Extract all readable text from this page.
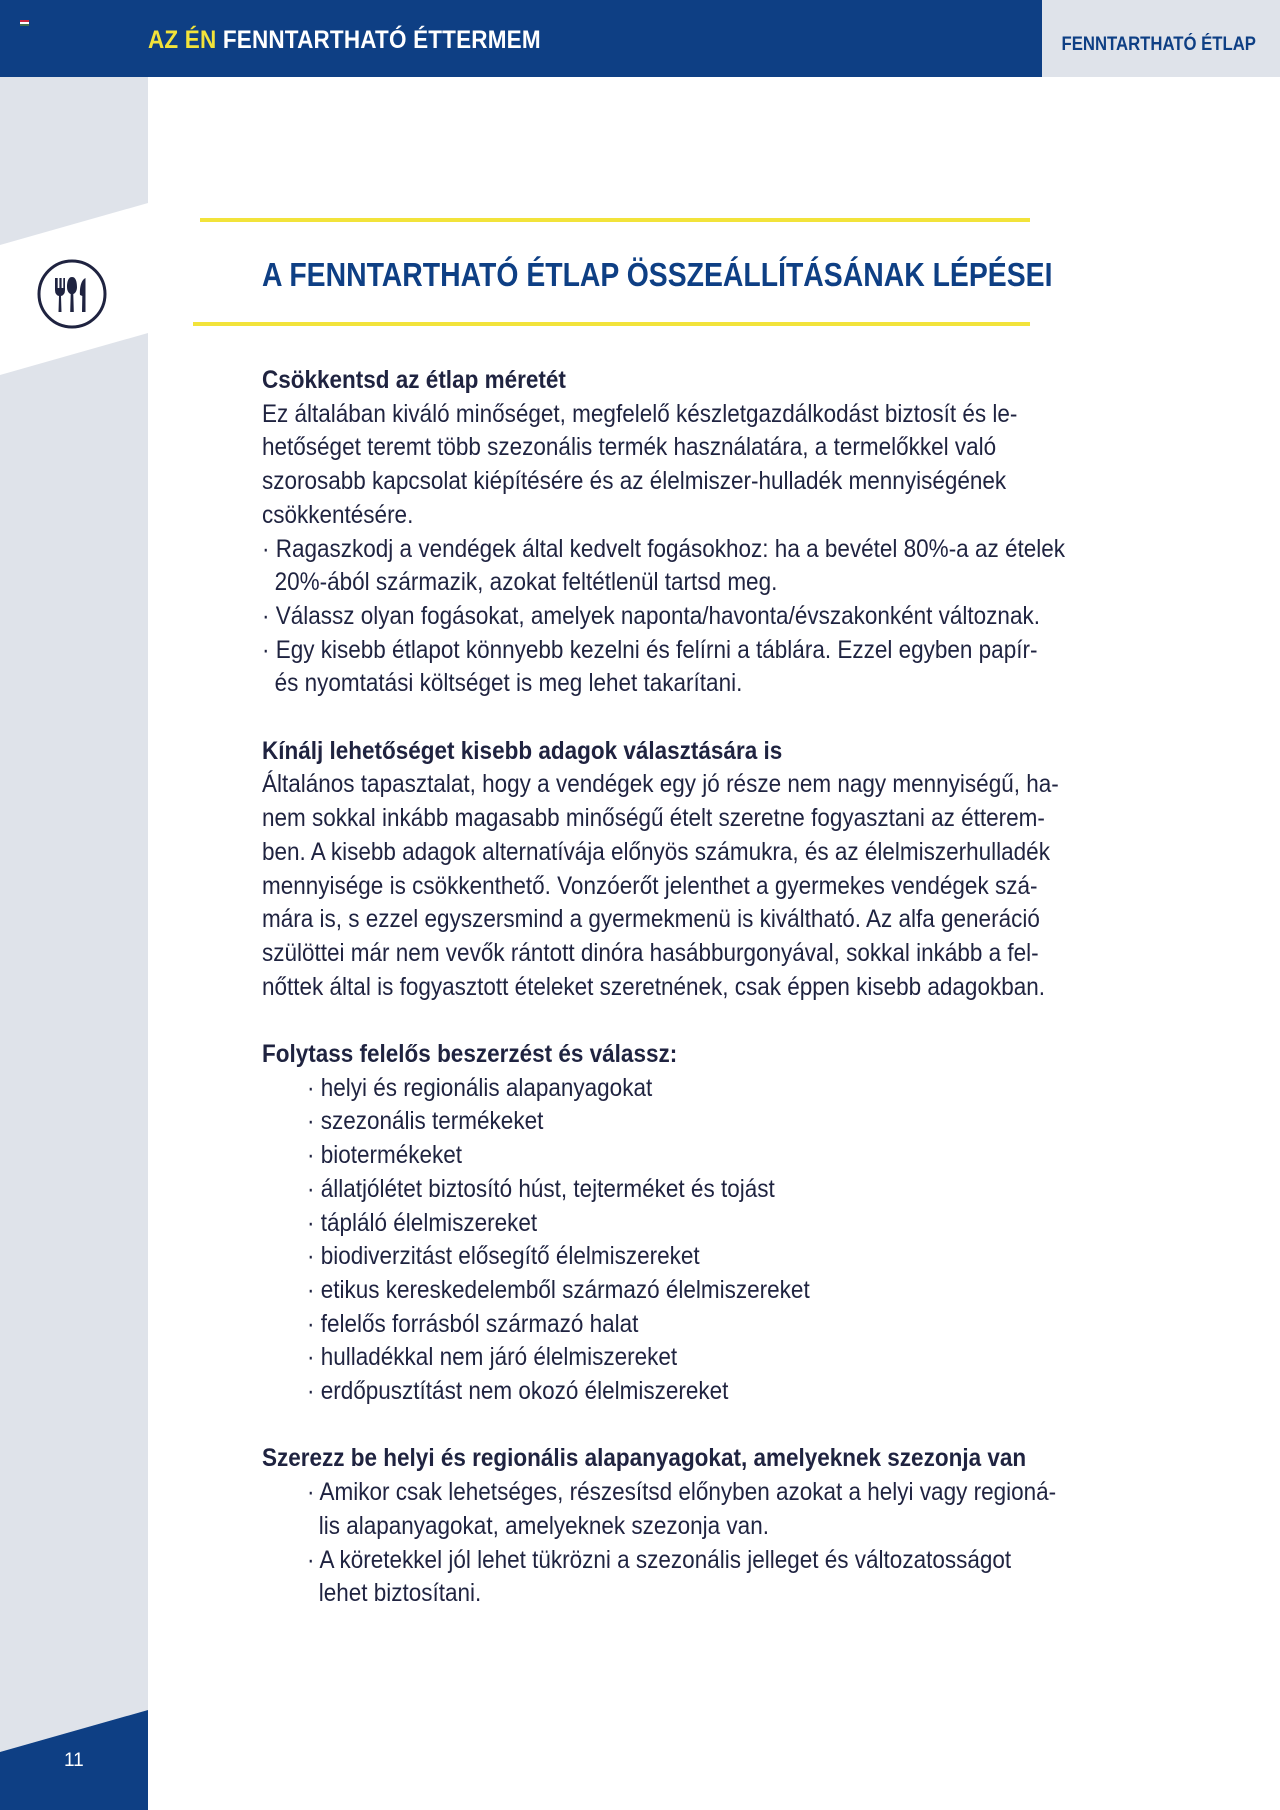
AZ ÉN FENNTARTHATÓ ÉTTERMEM	FENNTARTHATÓ ÉTLAP
11
A FENNTARTHATÓ ÉTLAP ÖSSZEÁLLÍTÁSÁNAK LÉPÉSEI
Csökkentsd az étlap méretét
Ez általában kiváló minőséget, megfelelő készletgazdálkodást biztosít és le-
hetőséget teremt több szezonális termék használatára, a termelőkkel való
szorosabb kapcsolat kiépítésére és az élelmiszer-hulladék mennyiségének
csökkentésére.
· Ragaszkodj a vendégek által kedvelt fogásokhoz: ha a bevétel 80%-a az ételek
20%-ából származik, azokat feltétlenül tartsd meg.
· Válassz olyan fogásokat, amelyek naponta/havonta/évszakonként változnak.
· Egy kisebb étlapot könnyebb kezelni és felírni a táblára. Ezzel egyben papír-
és nyomtatási költséget is meg lehet takarítani.
Kínálj lehetőséget kisebb adagok választására is
Általános tapasztalat, hogy a vendégek egy jó része nem nagy mennyiségű, ha-
nem sokkal inkább magasabb minőségű ételt szeretne fogyasztani az étterem-
ben. A kisebb adagok alternatívája előnyös számukra, és az élelmiszerhulladék
mennyisége is csökkenthető. Vonzóerőt jelenthet a gyermekes vendégek szá-
mára is, s ezzel egyszersmind a gyermekmenü is kiváltható. Az alfa generáció
szülöttei már nem vevők rántott dinóra hasábburgonyával, sokkal inkább a fel-
nőttek által is fogyasztott ételeket szeretnének, csak éppen kisebb adagokban.
Folytass felelős beszerzést és válassz:
· helyi és regionális alapanyagokat
· szezonális termékeket
· biotermékeket
· állatjólétet biztosító húst, tejterméket és tojást
· tápláló élelmiszereket
· biodiverzitást elősegítő élelmiszereket
· etikus kereskedelemből származó élelmiszereket
· felelős forrásból származó halat
· hulladékkal nem járó élelmiszereket
· erdőpusztítást nem okozó élelmiszereket
Szerezz be helyi és regionális alapanyagokat, amelyeknek szezonja van
· Amikor csak lehetséges, részesítsd előnyben azokat a helyi vagy regioná-
lis alapanyagokat, amelyeknek szezonja van.
· A köretekkel jól lehet tükrözni a szezonális jelleget és változatosságot
lehet biztosítani.
